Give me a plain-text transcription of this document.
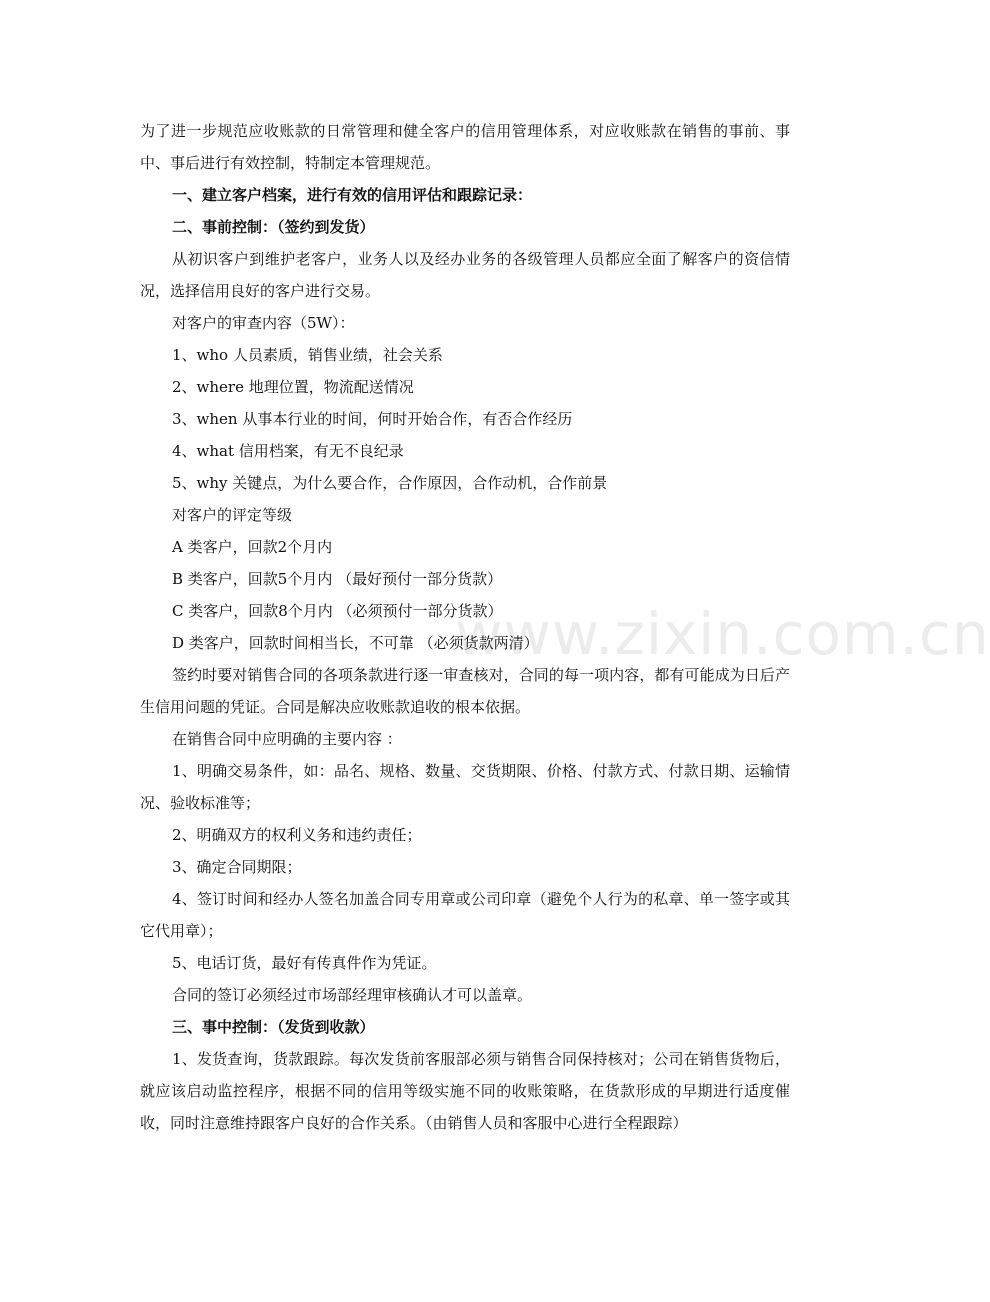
www.zixin.com.cn

为了进一步规范应收账款的日常管理和健全客户的信用管理体系，对应收账款在销售的事前、事中、事后进行有效控制，特制定本管理规范。

一、建立客户档案，进行有效的信用评估和跟踪记录：

二、事前控制：（签约到发货）

从初识客户到维护老客户，业务人以及经办业务的各级管理人员都应全面了解客户的资信情况，选择信用良好的客户进行交易。

对客户的审查内容（5W）：

1、who 人员素质，销售业绩，社会关系

2、where 地理位置，物流配送情况

3、when 从事本行业的时间，何时开始合作，有否合作经历

4、what 信用档案，有无不良纪录

5、why 关键点，为什么要合作，合作原因，合作动机，合作前景

对客户的评定等级

A 类客户，回款2个月内

B 类客户，回款5个月内 （最好预付一部分货款）

C 类客户，回款8个月内 （必须预付一部分货款）

D 类客户，回款时间相当长，不可靠 （必须货款两清）

签约时要对销售合同的各项条款进行逐一审查核对，合同的每一项内容，都有可能成为日后产生信用问题的凭证。合同是解决应收账款追收的根本依据。

在销售合同中应明确的主要内容 ：

1、明确交易条件，如：品名、规格、数量、交货期限、价格、付款方式、付款日期、运输情况、验收标准等；

2、明确双方的权利义务和违约责任；

3、确定合同期限；

4、签订时间和经办人签名加盖合同专用章或公司印章（避免个人行为的私章、单一签字或其它代用章）；

5、电话订货，最好有传真件作为凭证。

合同的签订必须经过市场部经理审核确认才可以盖章。

三、事中控制：（发货到收款）

1、发货查询，货款跟踪。每次发货前客服部必须与销售合同保持核对；公司在销售货物后，就应该启动监控程序，根据不同的信用等级实施不同的收账策略，在货款形成的早期进行适度催收，同时注意维持跟客户良好的合作关系。（由销售人员和客服中心进行全程跟踪）
